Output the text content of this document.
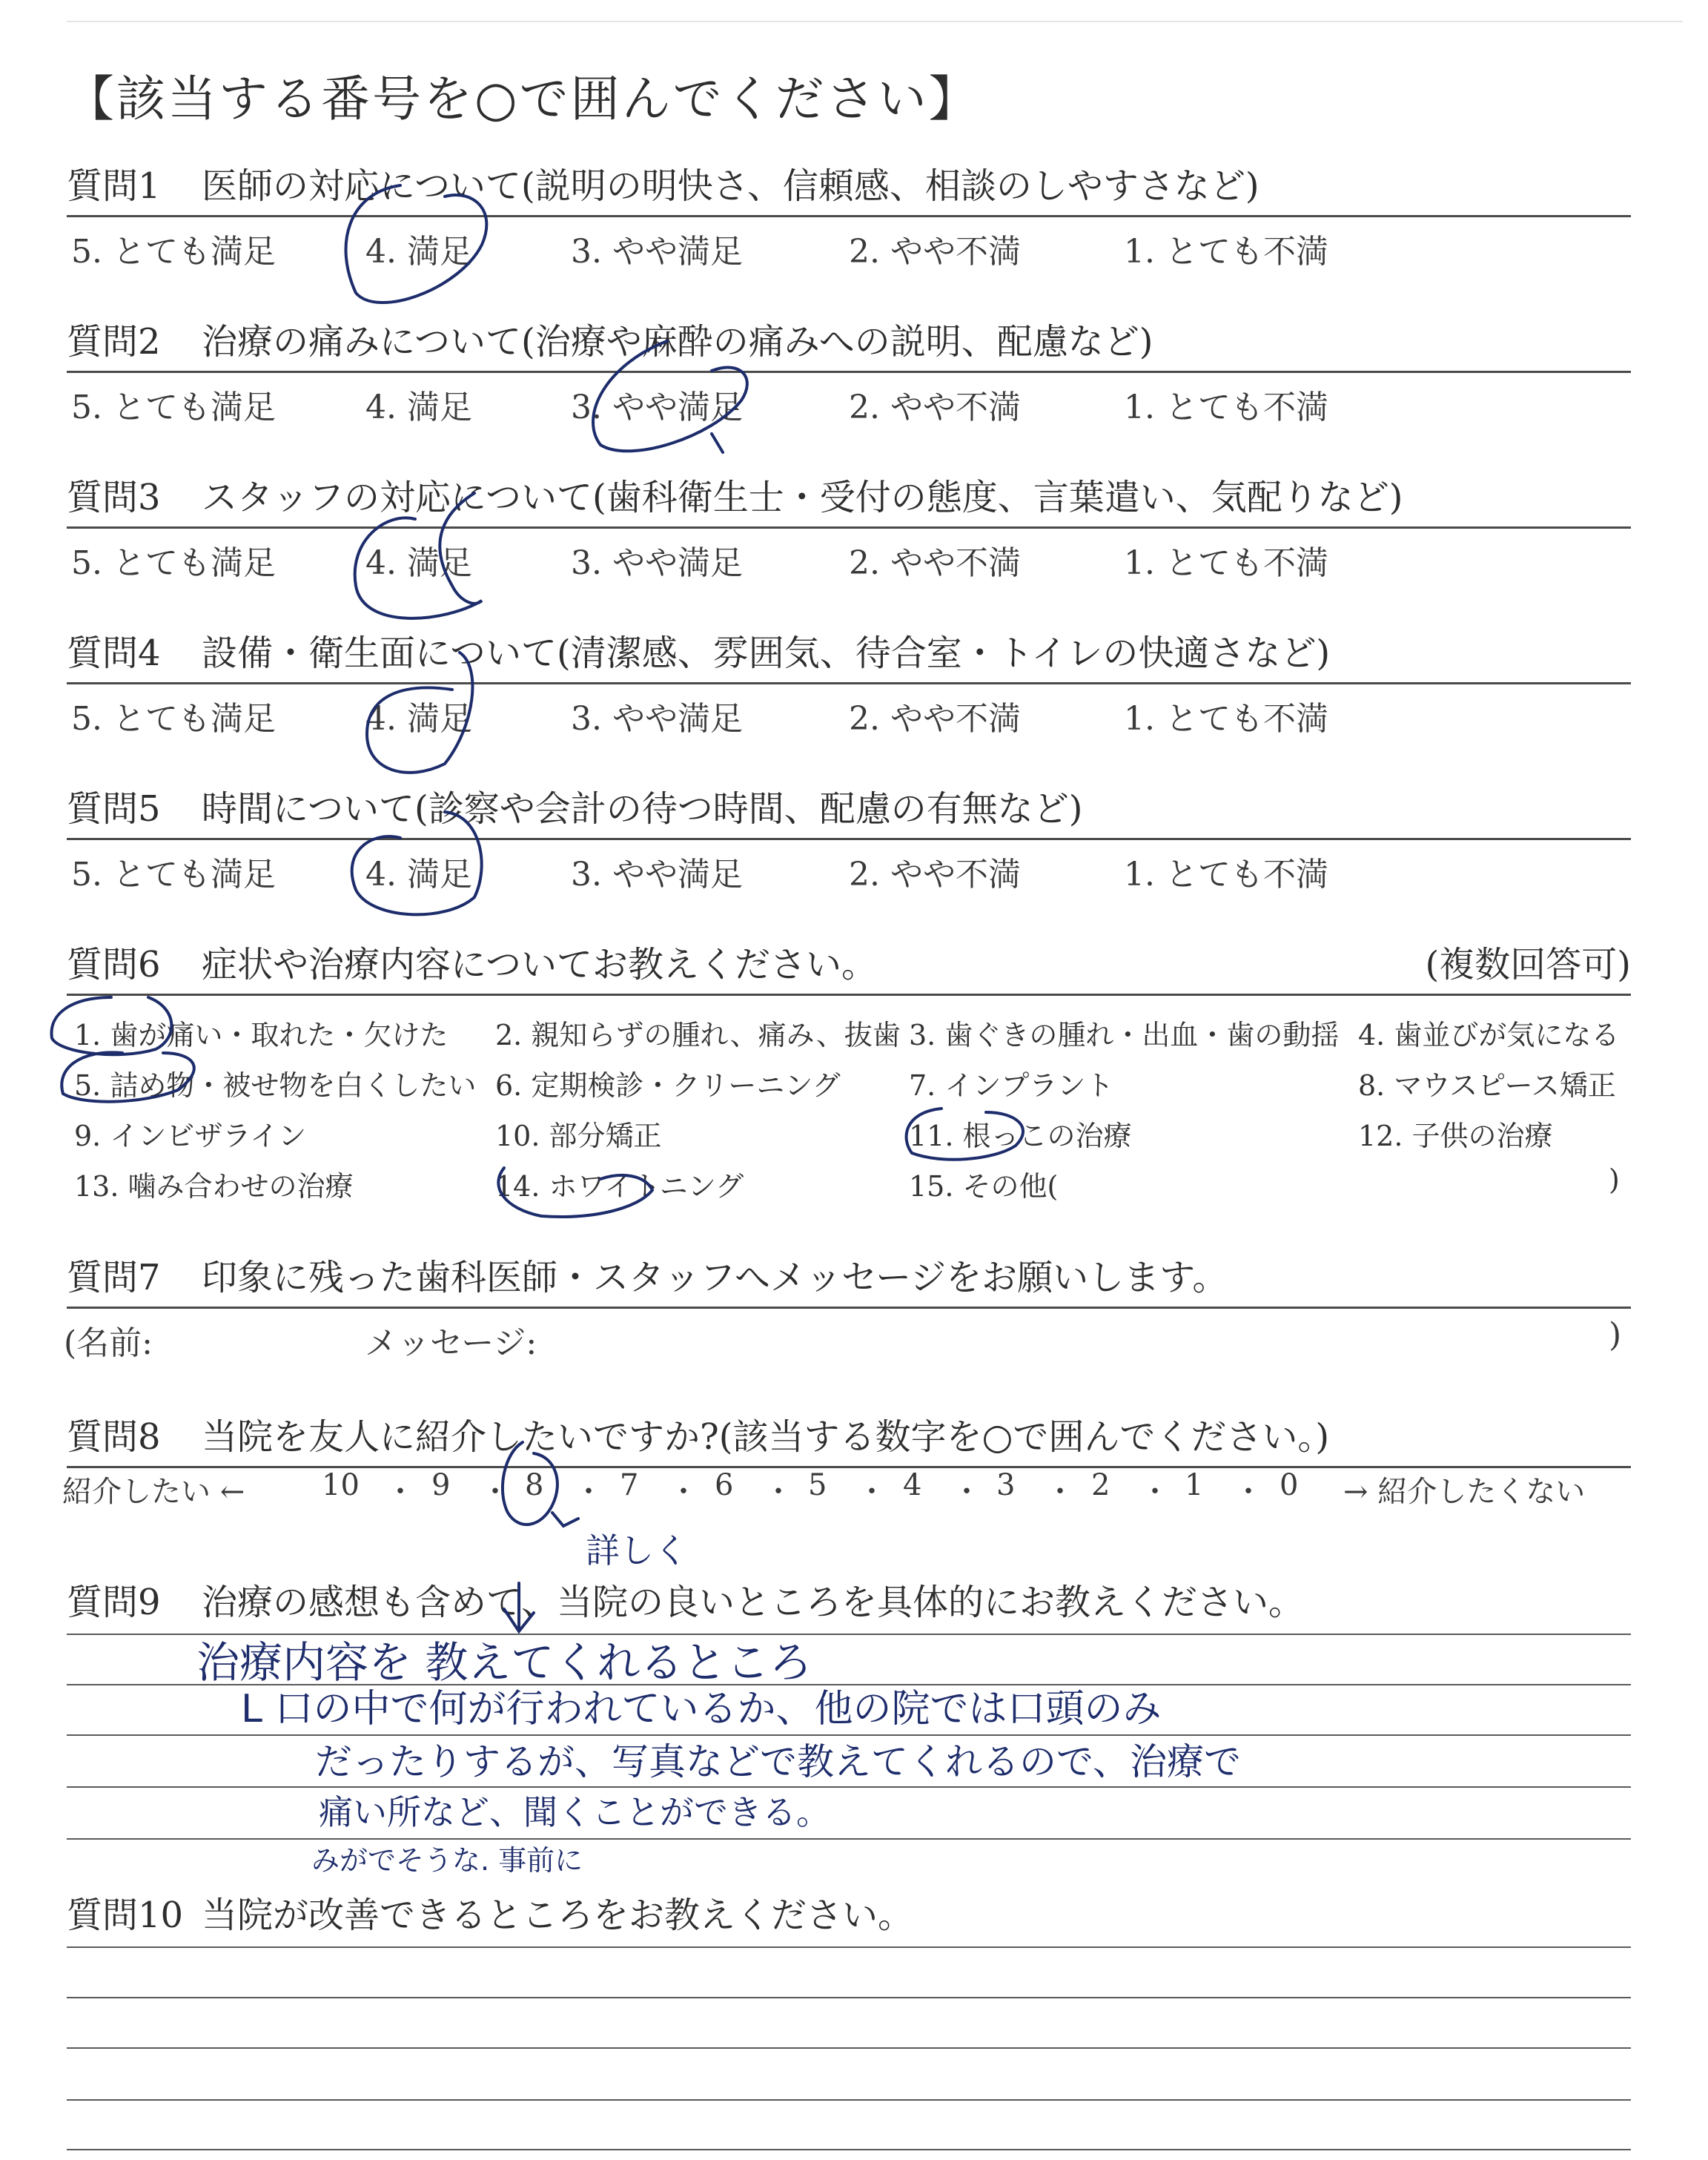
【該当する番号を○で囲んでください】
質問1 医師の対応について(説明の明快さ、信頼感、相談のしやすさなど)
5. とても満足	4. 満足	3. やや満足	2. やや不満	1. とても不満
質問2 治療の痛みについて(治療や麻酔の痛みへの説明、配慮など)
5. とても満足	4. 満足	3. やや満足	2. やや不満	1. とても不満
質問3 スタッフの対応について(歯科衛生士・受付の態度、言葉遣い、気配りなど)
5. とても満足	4. 満足	3. やや満足	2. やや不満	1. とても不満
質問4 設備・衛生面について(清潔感、雰囲気、待合室・トイレの快適さなど)
5. とても満足	4. 満足	3. やや満足	2. やや不満	1. とても不満
質問5 時間について(診察や会計の待つ時間、配慮の有無など)
5. とても満足	4. 満足	3. やや満足	2. やや不満	1. とても不満
質問6 症状や治療内容についてお教えください。	(複数回答可)
1. 歯が痛い・取れた・欠けた 2. 親知らずの腫れ、痛み、抜歯 3. 歯ぐきの腫れ・出血・歯の動揺 4. 歯並びが気になる
5. 詰め物・被せ物を白くしたい 6. 定期検診・クリーニング 7. インプラント	8. マウスピース矯正
9. インビザライン	10. 部分矯正	11. 根っこの治療	12. 子供の治療
13. 噛み合わせの治療	14. ホワイトニング	15. その他(	)
質問7 印象に残った歯科医師・スタッフへメッセージをお願いします。
(名前:	メッセージ:	)
質問8 当院を友人に紹介したいですか?(該当する数字を○で囲んでください。)
紹介したい ←	10 ・ 9 ・ 8 ・ 7 ・ 6 ・ 5 ・ 4 ・ 3 ・ 2 ・ 1 ・ 0 → 紹介したくない
質問9 治療の感想も含めて、当院の良いところを具体的にお教えください。
詳しく
治療内容を 教えてくれるところ
L 口の中で何が行われているか、他の院では口頭のみ
だったりするが、写真などで教えてくれるので、治療で
痛い所など、聞くことができる。
みがでそうな. 事前に
質問10 当院が改善できるところをお教えください。
